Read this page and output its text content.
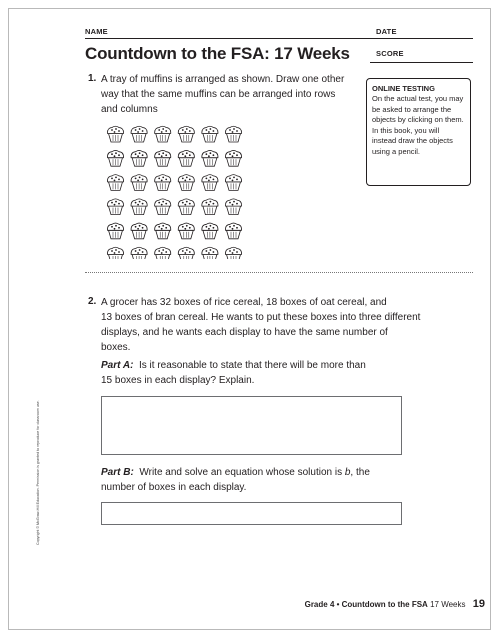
NAME	DATE
SCORE
Countdown to the FSA: 17 Weeks
1. A tray of muffins is arranged as shown. Draw one other
way that the same muffins can be arranged into rows
and columns
ONLINE TESTING
On the actual test, you may
be asked to arrange the
objects by clicking on them.
In this book, you will
instead draw the objects
using a pencil.
2. A grocer has 32 boxes of rice cereal, 18 boxes of oat cereal, and
13 boxes of bran cereal. He wants to put these boxes into three different
displays, and he wants each display to have the same number of
boxes.
Part A: Is it reasonable to state that there will be more than
15 boxes in each display? Explain.
Part B: Write and solve an equation whose solution is b, the
number of boxes in each display.
Copyright © McGraw-Hill Education. Permission is granted to reproduce for classroom use.
Grade 4 • Countdown to the FSA 17 Weeks 19
